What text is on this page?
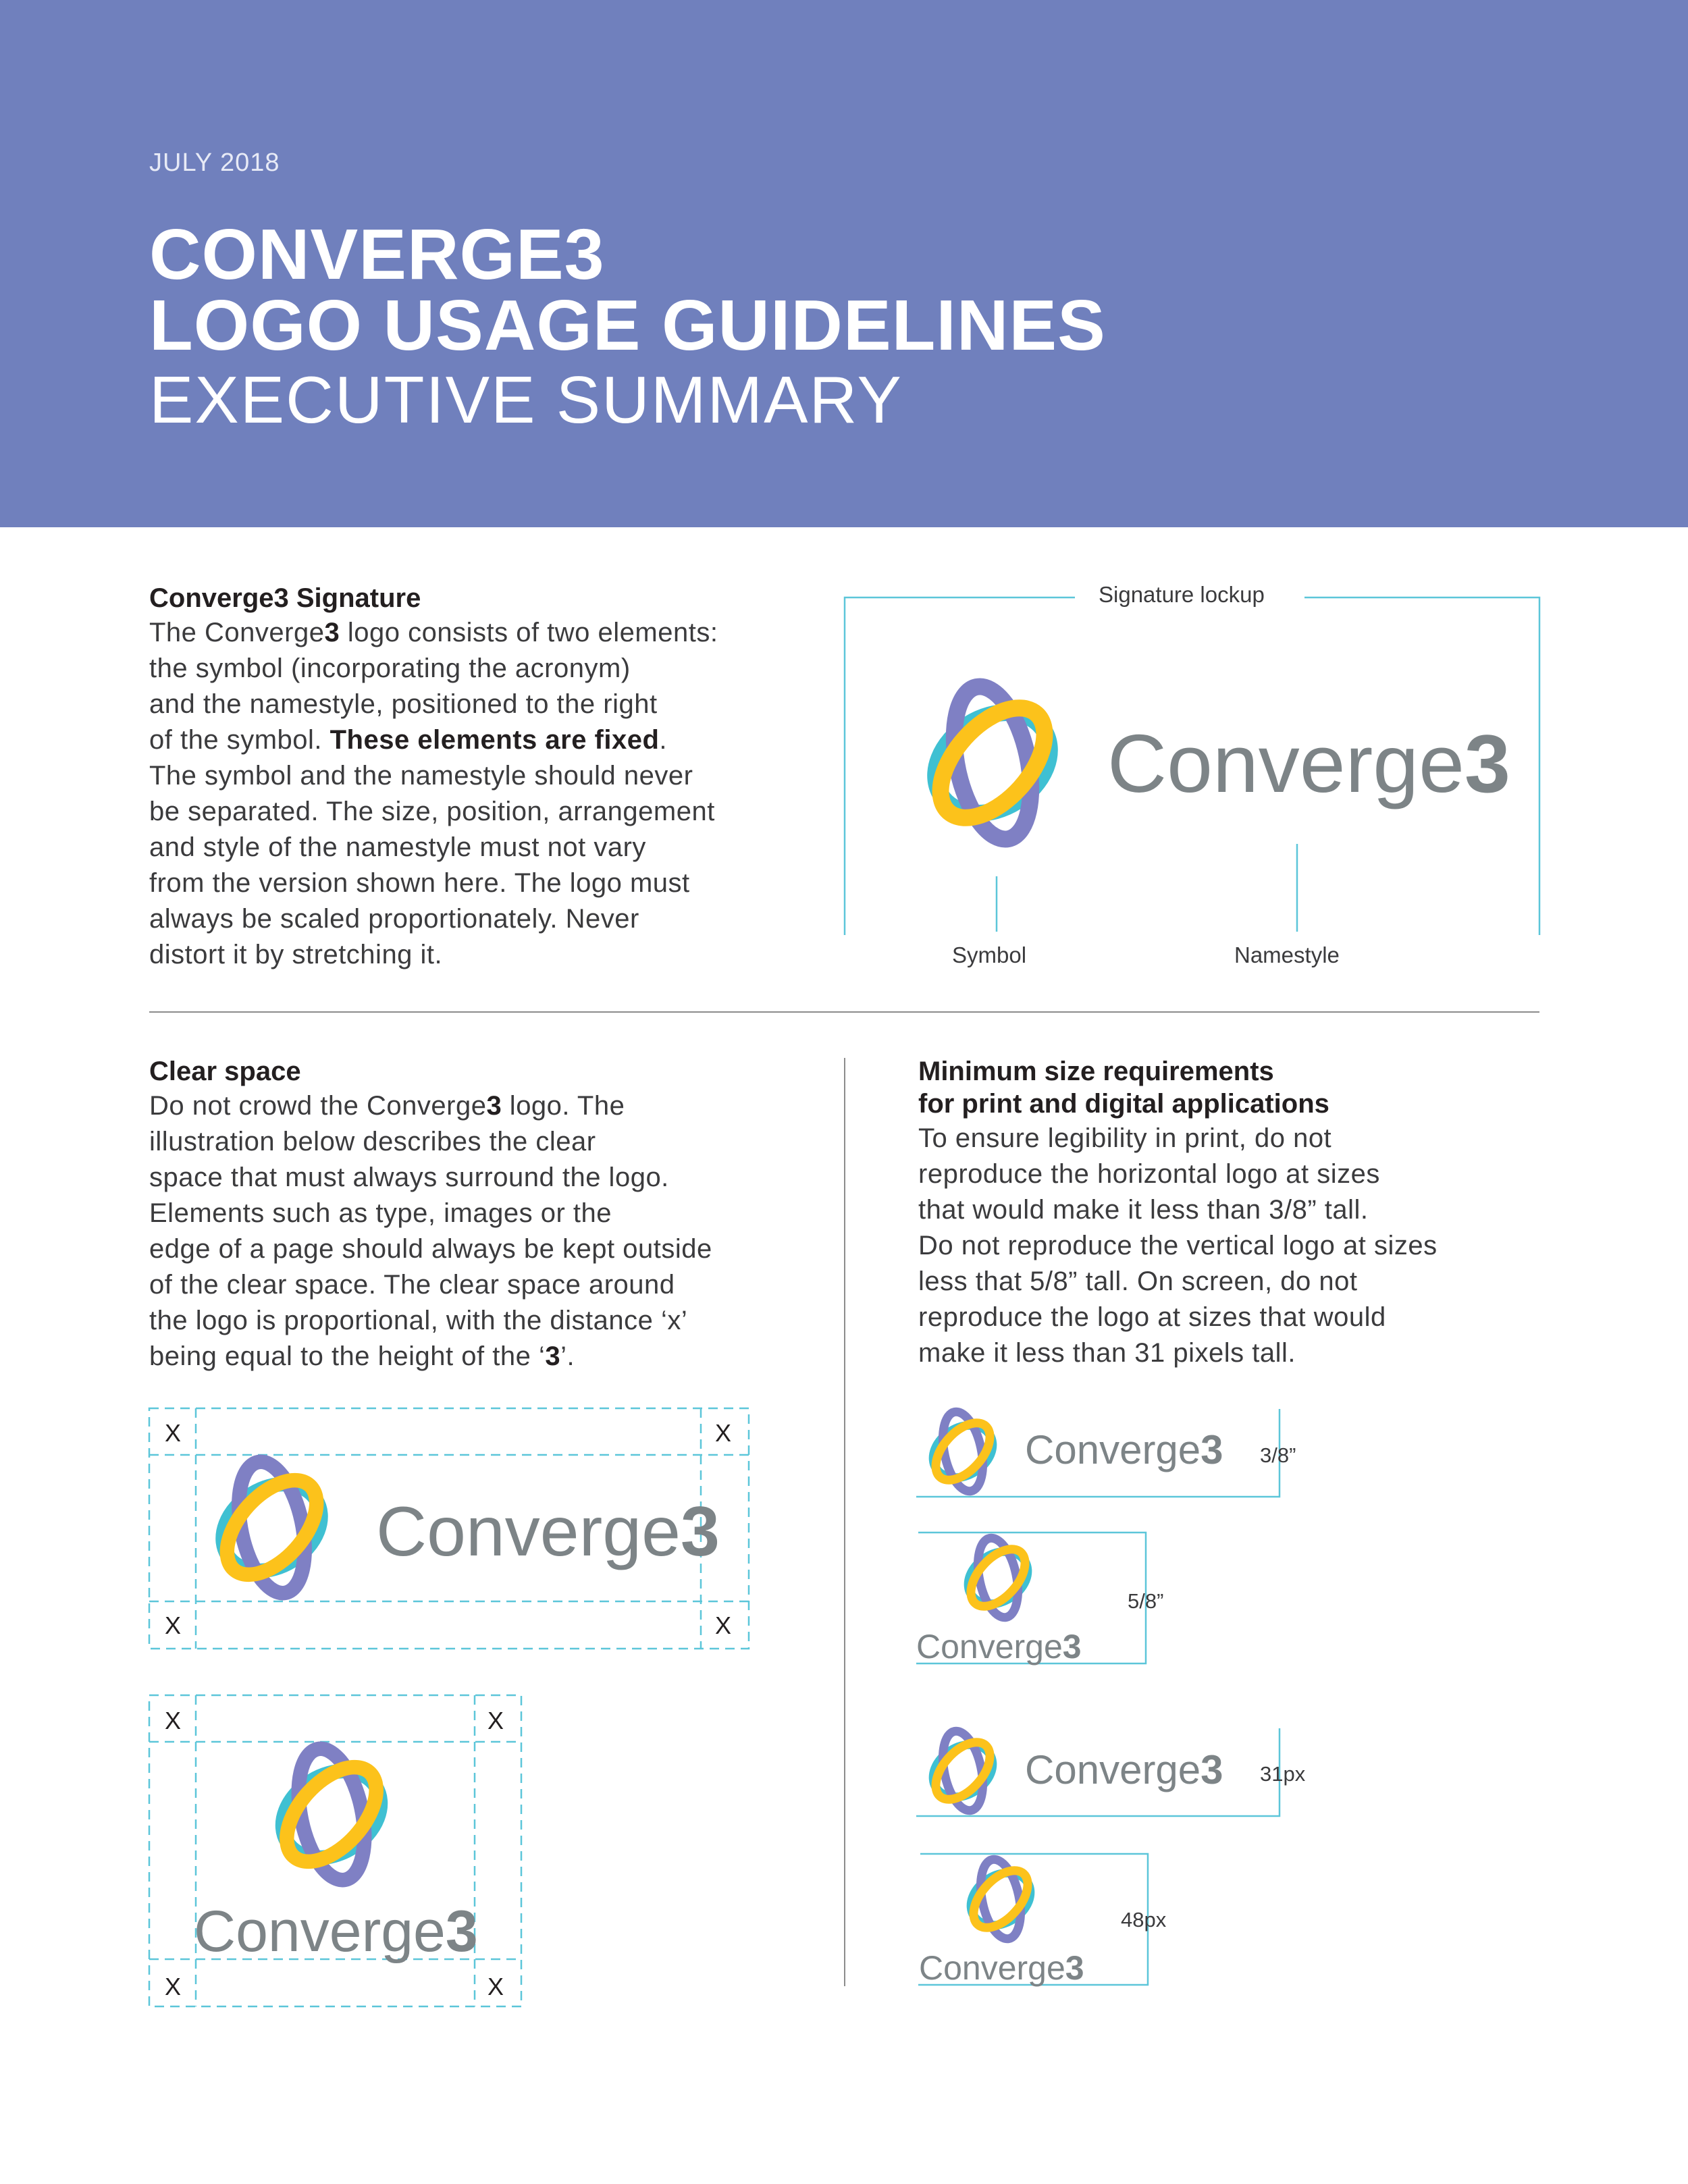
JULY 2018
CONVERGE3
LOGO USAGE GUIDELINES
EXECUTIVE SUMMARY
Converge3 Signature
The Converge3 logo consists of two elements:
the symbol (incorporating the acronym)
and the namestyle, positioned to the right
of the symbol. These elements are fixed.
The symbol and the namestyle should never
be separated. The size, position, arrangement
and style of the namestyle must not vary
from the version shown here. The logo must
always be scaled proportionately. Never
distort it by stretching it.
Signature lockup
Symbol	Namestyle
Converge3
Clear space
Do not crowd the Converge3 logo. The
illustration below describes the clear
space that must always surround the logo.
Elements such as type, images or the
edge of a page should always be kept outside
of the clear space. The clear space around
the logo is proportional, with the distance ‘x’
being equal to the height of the ‘3’.
X	X
X	X
Converge3
X	X
X	X
Converge3
Minimum size requirements
for print and digital applications
To ensure legibility in print, do not
reproduce the horizontal logo at sizes
that would make it less than 3/8” tall.
Do not reproduce the vertical logo at sizes
less that 5/8” tall. On screen, do not
reproduce the logo at sizes that would
make it less than 31 pixels tall.
Converge3 3/8”
Converge3
5/8”
Converge3 31px
Converge3
48px
